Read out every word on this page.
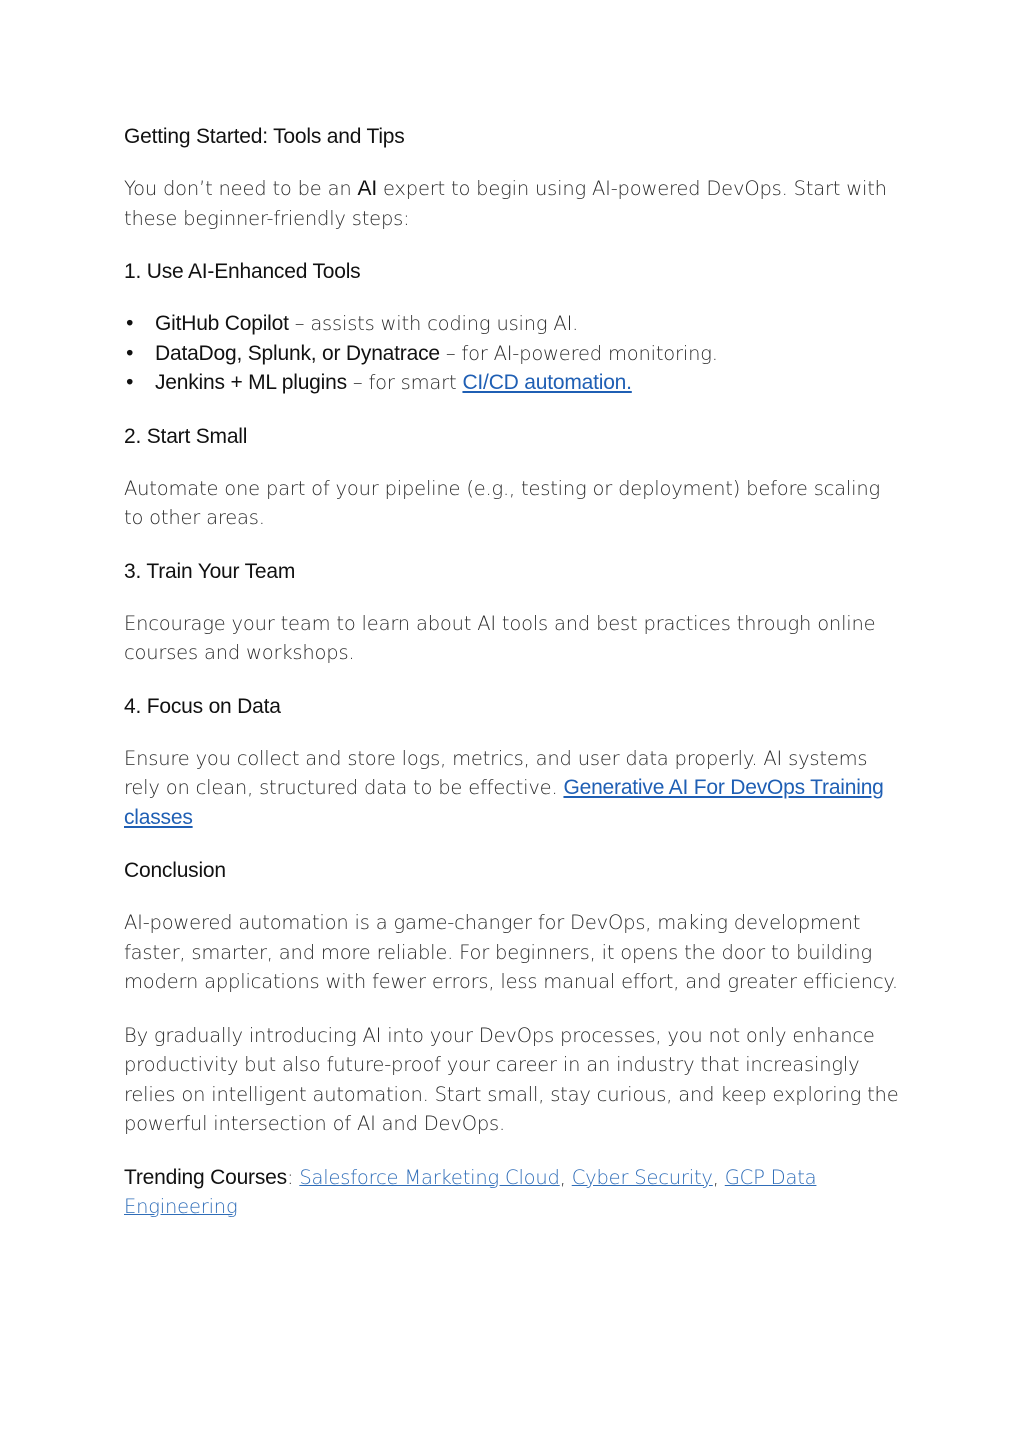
Getting Started: Tools and Tips

You don’t need to be an AI expert to begin using AI-powered DevOps. Start with these beginner-friendly steps:

1. Use AI-Enhanced Tools
• GitHub Copilot – assists with coding using AI.
• DataDog, Splunk, or Dynatrace – for AI-powered monitoring.
• Jenkins + ML plugins – for smart CI/CD automation.
2. Start Small

Automate one part of your pipeline (e.g., testing or deployment) before scaling to other areas.

3. Train Your Team

Encourage your team to learn about AI tools and best practices through online courses and workshops.

4. Focus on Data

Ensure you collect and store logs, metrics, and user data properly. AI systems rely on clean, structured data to be effective. Generative AI For DevOps Training classes

Conclusion

AI-powered automation is a game-changer for DevOps, making development faster, smarter, and more reliable. For beginners, it opens the door to building modern applications with fewer errors, less manual effort, and greater efficiency.

By gradually introducing AI into your DevOps processes, you not only enhance productivity but also future-proof your career in an industry that increasingly relies on intelligent automation. Start small, stay curious, and keep exploring the powerful intersection of AI and DevOps.

Trending Courses: Salesforce Marketing Cloud, Cyber Security, GCP Data Engineering
